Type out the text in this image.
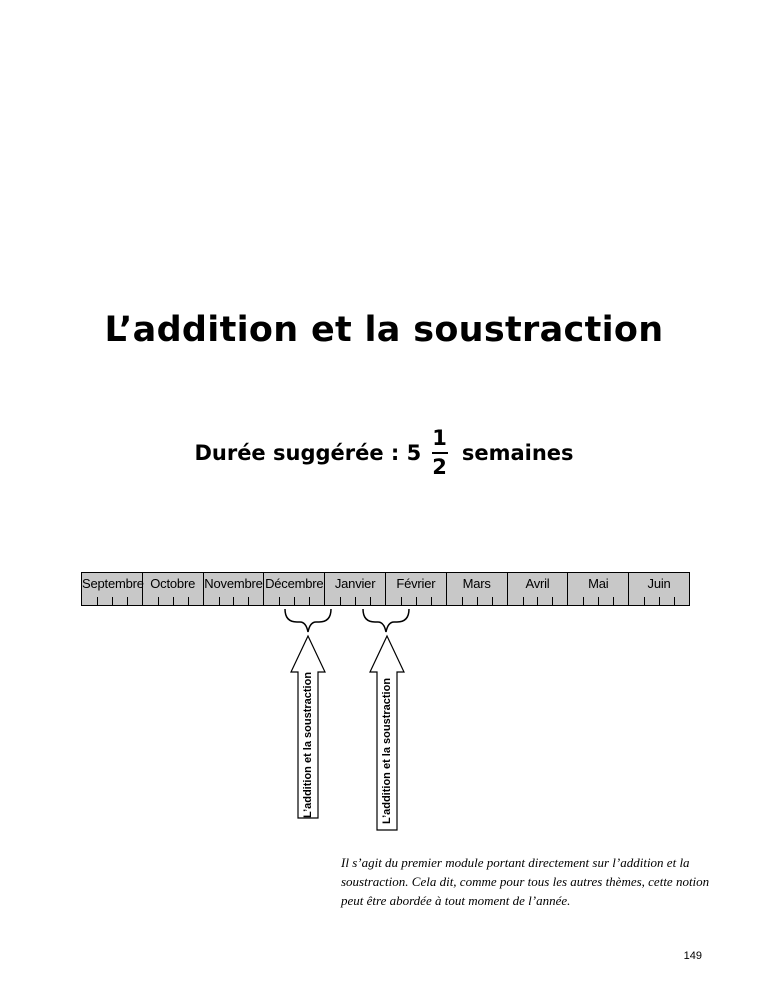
L’addition et la soustraction
Durée suggérée : $5 \frac{1}{2}$ semaines
Septembre Octobre Novembre Décembre Janvier	Février	Mars	Avril	Mai	Juin
L’addition et la soustraction	L’addition et la soustraction

Il s’agit du premier module portant directement sur l’addition et la soustraction. Cela dit, comme pour tous les autres thèmes, cette notion peut être abordée à tout moment de l’année.

149
